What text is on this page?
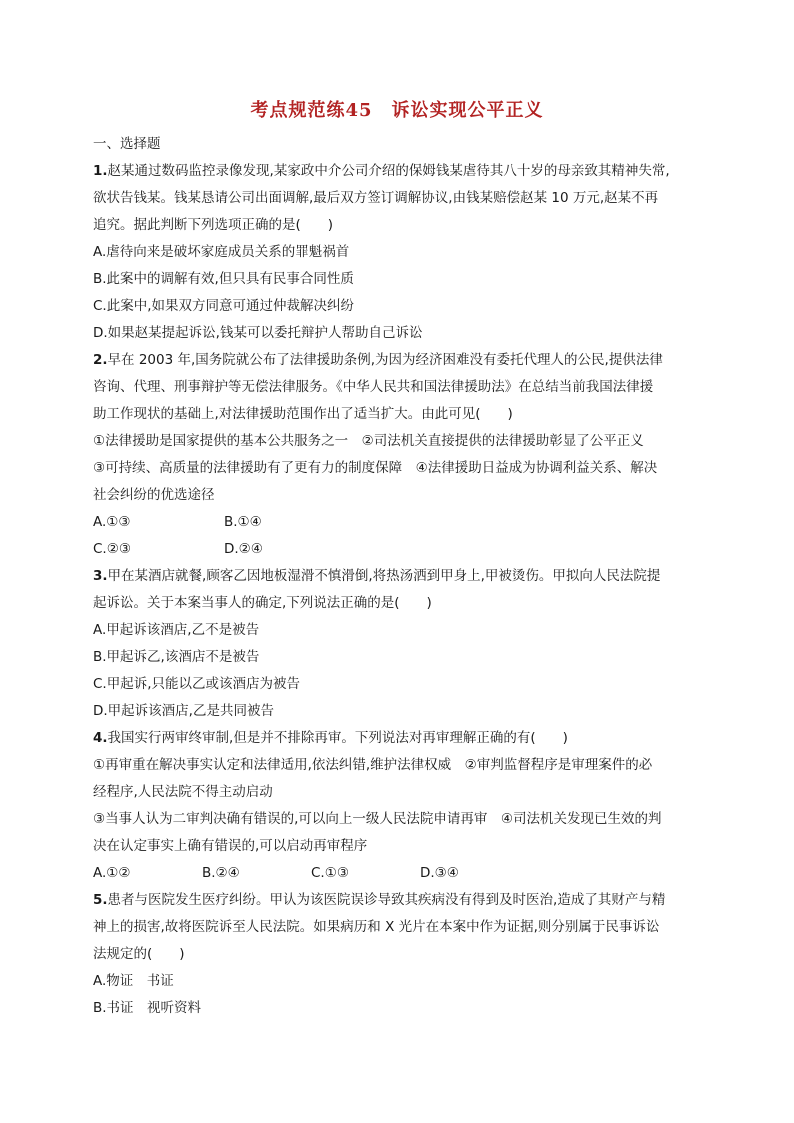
考点规范练45　诉讼实现公平正义
一、选择题
1.赵某通过数码监控录像发现,某家政中介公司介绍的保姆钱某虐待其八十岁的母亲致其精神失常,
欲状告钱某。钱某恳请公司出面调解,最后双方签订调解协议,由钱某赔偿赵某 10 万元,赵某不再
追究。据此判断下列选项正确的是(　　)
A.虐待向来是破坏家庭成员关系的罪魁祸首
B.此案中的调解有效,但只具有民事合同性质
C.此案中,如果双方同意可通过仲裁解决纠纷
D.如果赵某提起诉讼,钱某可以委托辩护人帮助自己诉讼
2.早在 2003 年,国务院就公布了法律援助条例,为因为经济困难没有委托代理人的公民,提供法律
咨询、代理、刑事辩护等无偿法律服务。《中华人民共和国法律援助法》在总结当前我国法律援
助工作现状的基础上,对法律援助范围作出了适当扩大。由此可见(　　)
①法律援助是国家提供的基本公共服务之一　②司法机关直接提供的法律援助彰显了公平正义
③可持续、高质量的法律援助有了更有力的制度保障　④法律援助日益成为协调利益关系、解决
社会纠纷的优选途径
A.①③	B.①④
C.②③	D.②④
3.甲在某酒店就餐,顾客乙因地板湿滑不慎滑倒,将热汤洒到甲身上,甲被烫伤。甲拟向人民法院提
起诉讼。关于本案当事人的确定,下列说法正确的是(　　)
A.甲起诉该酒店,乙不是被告
B.甲起诉乙,该酒店不是被告
C.甲起诉,只能以乙或该酒店为被告
D.甲起诉该酒店,乙是共同被告
4.我国实行两审终审制,但是并不排除再审。下列说法对再审理解正确的有(　　)
①再审重在解决事实认定和法律适用,依法纠错,维护法律权威　②审判监督程序是审理案件的必
经程序,人民法院不得主动启动
③当事人认为二审判决确有错误的,可以向上一级人民法院申请再审　④司法机关发现已生效的判
决在认定事实上确有错误的,可以启动再审程序
A.①②	B.②④	C.①③	D.③④
5.患者与医院发生医疗纠纷。甲认为该医院误诊导致其疾病没有得到及时医治,造成了其财产与精
神上的损害,故将医院诉至人民法院。如果病历和 X 光片在本案中作为证据,则分别属于民事诉讼
法规定的(　　)
A.物证　书证
B.书证　视听资料
